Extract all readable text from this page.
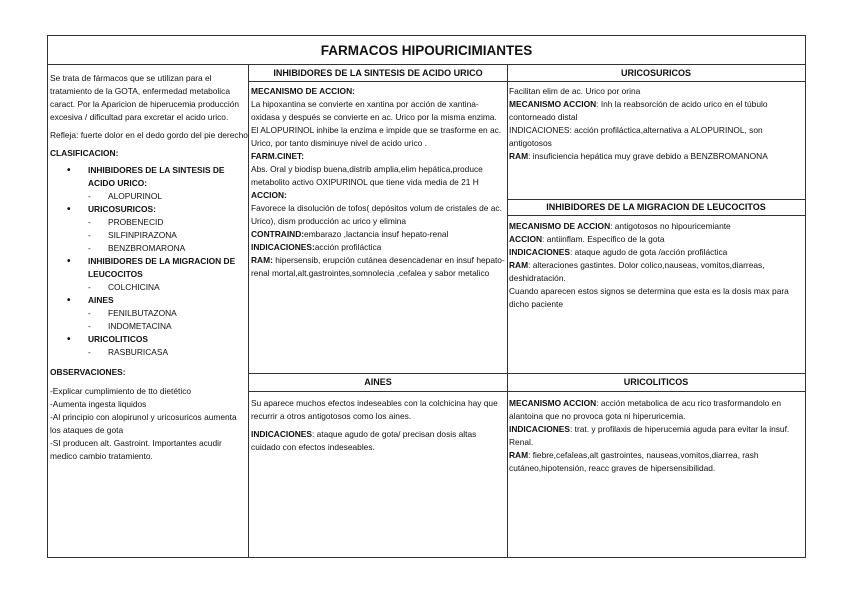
FARMACOS HIPOURICIMIANTES

Se trata de fármacos que se utilizan para el tratamiento de la GOTA, enfermedad metabolica caract. Por la Aparicion de hiperucemia producción excesiva / dificultad para excretar el acido urico.

Refleja: fuerte dolor en el dedo gordo del pie derecho

CLASIFICACION:

• INHIBIDORES DE LA SINTESIS DE ACIDO URICO:
- ALOPURINOL
• URICOSURICOS:
- PROBENECID
- SILFINPIRAZONA
- BENZBROMARONA
• INHIBIDORES DE LA MIGRACION DE LEUCOCITOS
- COLCHICINA
• AINES
- FENILBUTAZONA
- INDOMETACINA
• URICOLITICOS
- RASBURICASA

OBSERVACIONES:

-Explicar cumplimiento de tto dietético

-Aumenta ingesta liquidos

-Al principio con alopirunol y uricosuricos aumenta los ataques de gota

-SI producen alt. Gastroint. Importantes acudir medico cambio tratamiento.

INHIBIDORES DE LA SINTESIS DE ACIDO URICO

MECANISMO DE ACCION:

La hipoxantina se convierte en xantina por acción de xantina-oxidasa y después se convierte en ac. Urico por la misma enzima. El ALOPURINOL inhibe la enzima e impide que se trasforme en ac. Urico, por tanto disminuye nivel de acido urico .

FARM.CINET:

Abs. Oral y biodisp buena,distrib amplia,elim hepática,produce metabolito activo OXIPURINOL que tiene vida media de 21 H

ACCION:

Favorece la disolución de tofos( depósitos volum de cristales de ac. Urico), dism producción ac urico y elimina

CONTRAIND:embarazo ,lactancia insuf hepato-renal

INDICACIONES:acción profiláctica

RAM: hipersensib, erupción cutánea desencadenar en insuf hepato-renal mortal,alt.gastrointes,somnolecia ,cefalea y sabor metalico

URICOSURICOS

Facilitan elim de ac. Urico por orina

MECANISMO ACCION: Inh la reabsorción de acido urico en el túbulo contorneado distal

INDICACIONES: acción profiláctica,alternativa a ALOPURINOL, son antigotosos

RAM: insuficiencia hepática muy grave debido a BENZBROMANONA

INHIBIDORES DE LA MIGRACION DE LEUCOCITOS

MECANISMO DE ACCION: antigotosos no hipouricemiante

ACCION: antiinflam. Especifico de la gota

INDICACIONES: ataque agudo de gota /acción profiláctica

RAM: alteraciones gastintes. Dolor colico,nauseas, vomitos,diarreas, deshidratación.

Cuando aparecen estos signos se determina que esta es la dosis max para dicho paciente

AINES

Su aparece muchos efectos indeseables con la colchicina hay que recurrir a otros antigotosos como los aines.

INDICACIONES: ataque agudo de gota/ precisan dosis altas cuidado con efectos indeseables.

URICOLITICOS

MECANISMO ACCION: acción metabolica de acu rico trasformandolo en alantoina que no provoca gota ni hiperuricemia.

INDICACIONES: trat. y profilaxis de hiperucemia aguda para evitar la insuf. Renal.

RAM: fiebre,cefaleas,alt gastrointes, nauseas,vomitos,diarrea, rash cutáneo,hipotensión, reacc graves de hipersensibilidad.
